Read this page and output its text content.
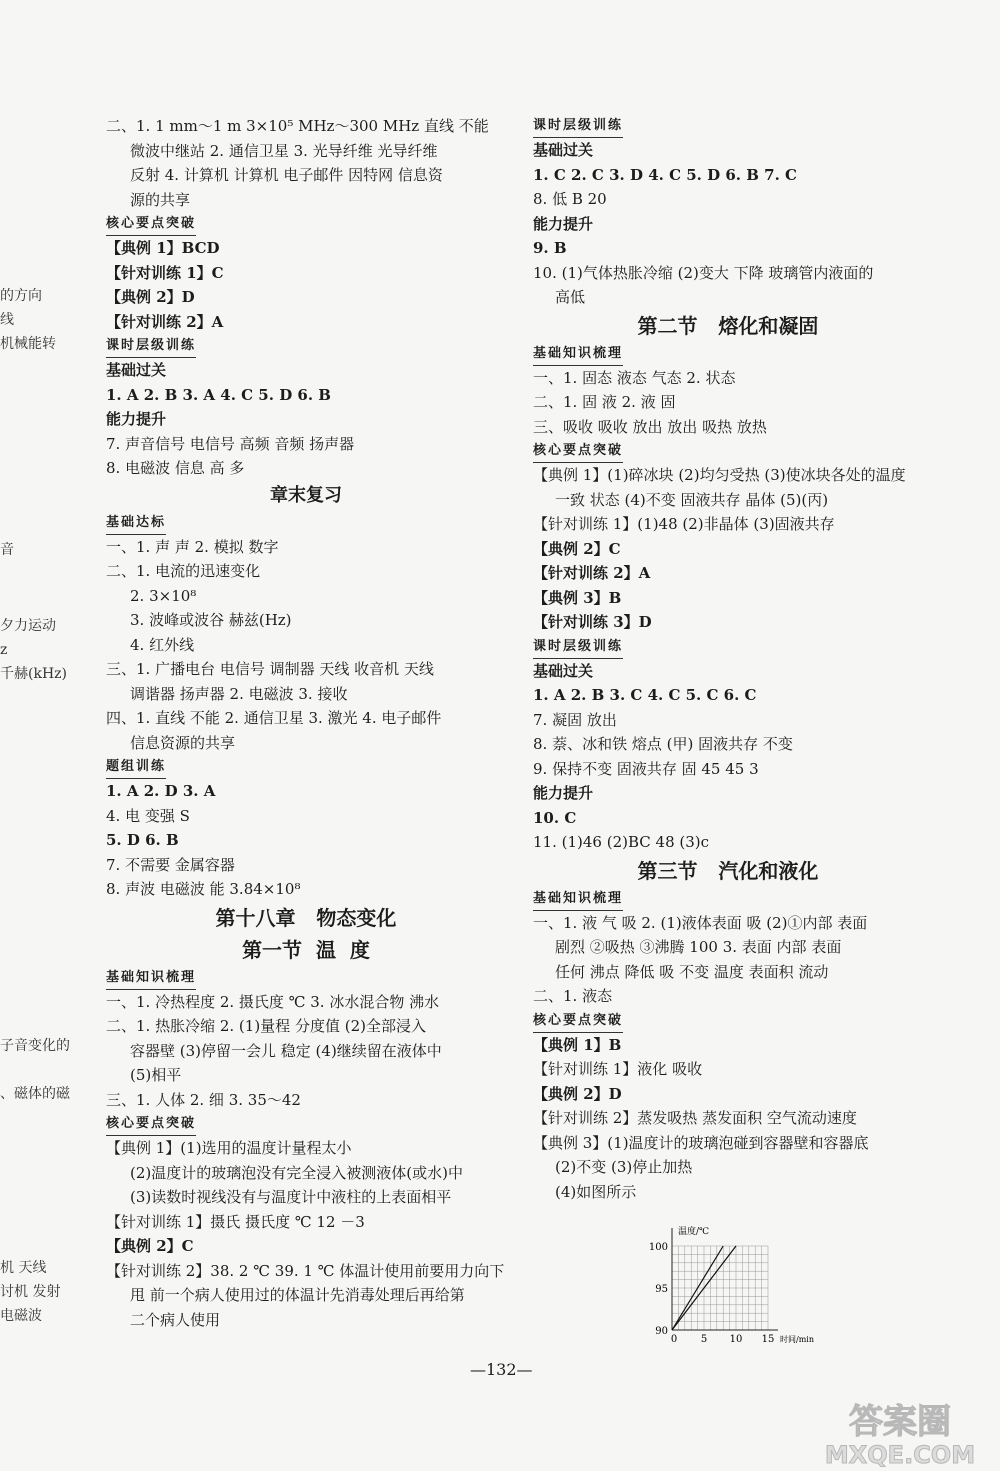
的方向
线
机械能转
音
夕力运动
z
千赫(kHz)
子音变化的
、磁体的磁
机 天线
讨机 发射
电磁波
二、1. 1 mm～1 m 3×10⁵ MHz～300 MHz 直线 不能
微波中继站 2. 通信卫星 3. 光导纤维 光导纤维
反射 4. 计算机 计算机 电子邮件 因特网 信息资
源的共享
核心要点突破
【典例 1】BCD
【针对训练 1】C
【典例 2】D
【针对训练 2】A
课时层级训练
基础过关
1. A 2. B 3. A 4. C 5. D 6. B
能力提升
7. 声音信号 电信号 高频 音频 扬声器
8. 电磁波 信息 高 多
章末复习
基础达标
一、1. 声 声 2. 模拟 数字
二、1. 电流的迅速变化
2. 3×10⁸
3. 波峰或波谷 赫兹(Hz)
4. 红外线
三、1. 广播电台 电信号 调制器 天线 收音机 天线
调谐器 扬声器 2. 电磁波 3. 接收
四、1. 直线 不能 2. 通信卫星 3. 激光 4. 电子邮件
信息资源的共享
题组训练
1. A 2. D 3. A
4. 电 变强 S
5. D 6. B
7. 不需要 金属容器
8. 声波 电磁波 能 3.84×10⁸
第十八章   物态变化
第一节  温  度
基础知识梳理
一、1. 冷热程度 2. 摄氏度 ℃ 3. 冰水混合物 沸水
二、1. 热胀冷缩 2. (1)量程 分度值 (2)全部浸入
容器壁 (3)停留一会儿 稳定 (4)继续留在液体中
(5)相平
三、1. 人体 2. 细 3. 35～42
核心要点突破
【典例 1】(1)选用的温度计量程太小
(2)温度计的玻璃泡没有完全浸入被测液体(或水)中
(3)读数时视线没有与温度计中液柱的上表面相平
【针对训练 1】摄氏 摄氏度 ℃ 12 －3
【典例 2】C
【针对训练 2】38. 2 ℃ 39. 1 ℃ 体温计使用前要用力向下
甩 前一个病人使用过的体温计先消毒处理后再给第
二个病人使用
课时层级训练
基础过关
1. C 2. C 3. D 4. C 5. D 6. B 7. C
8. 低 B 20
能力提升
9. B
10. (1)气体热胀冷缩 (2)变大 下降 玻璃管内液面的
高低
第二节   熔化和凝固
基础知识梳理
一、1. 固态 液态 气态 2. 状态
二、1. 固 液 2. 液 固
三、吸收 吸收 放出 放出 吸热 放热
核心要点突破
【典例 1】(1)碎冰块 (2)均匀受热 (3)使冰块各处的温度
一致 状态 (4)不变 固液共存 晶体 (5)(丙)
【针对训练 1】(1)48 (2)非晶体 (3)固液共存
【典例 2】C
【针对训练 2】A
【典例 3】B
【针对训练 3】D
课时层级训练
基础过关
1. A 2. B 3. C 4. C 5. C 6. C
7. 凝固 放出
8. 萘、冰和铁 熔点 (甲) 固液共存 不变
9. 保持不变 固液共存 固 45 45 3
能力提升
10. C
11. (1)46 (2)BC 48 (3)c
第三节   汽化和液化
基础知识梳理
一、1. 液 气 吸 2. (1)液体表面 吸 (2)①内部 表面
剧烈 ②吸热 ③沸腾 100 3. 表面 内部 表面
任何 沸点 降低 吸 不变 温度 表面积 流动
二、1. 液态
核心要点突破
【典例 1】B
【针对训练 1】液化 吸收
【典例 2】D
【针对训练 2】蒸发吸热 蒸发面积 空气流动速度
【典例 3】(1)温度计的玻璃泡碰到容器壁和容器底
(2)不变 (3)停止加热
(4)如图所示
100
95
90
0 5 10 15
温度/℃
时间/min
—132—
答案圈
MXQE.COM
